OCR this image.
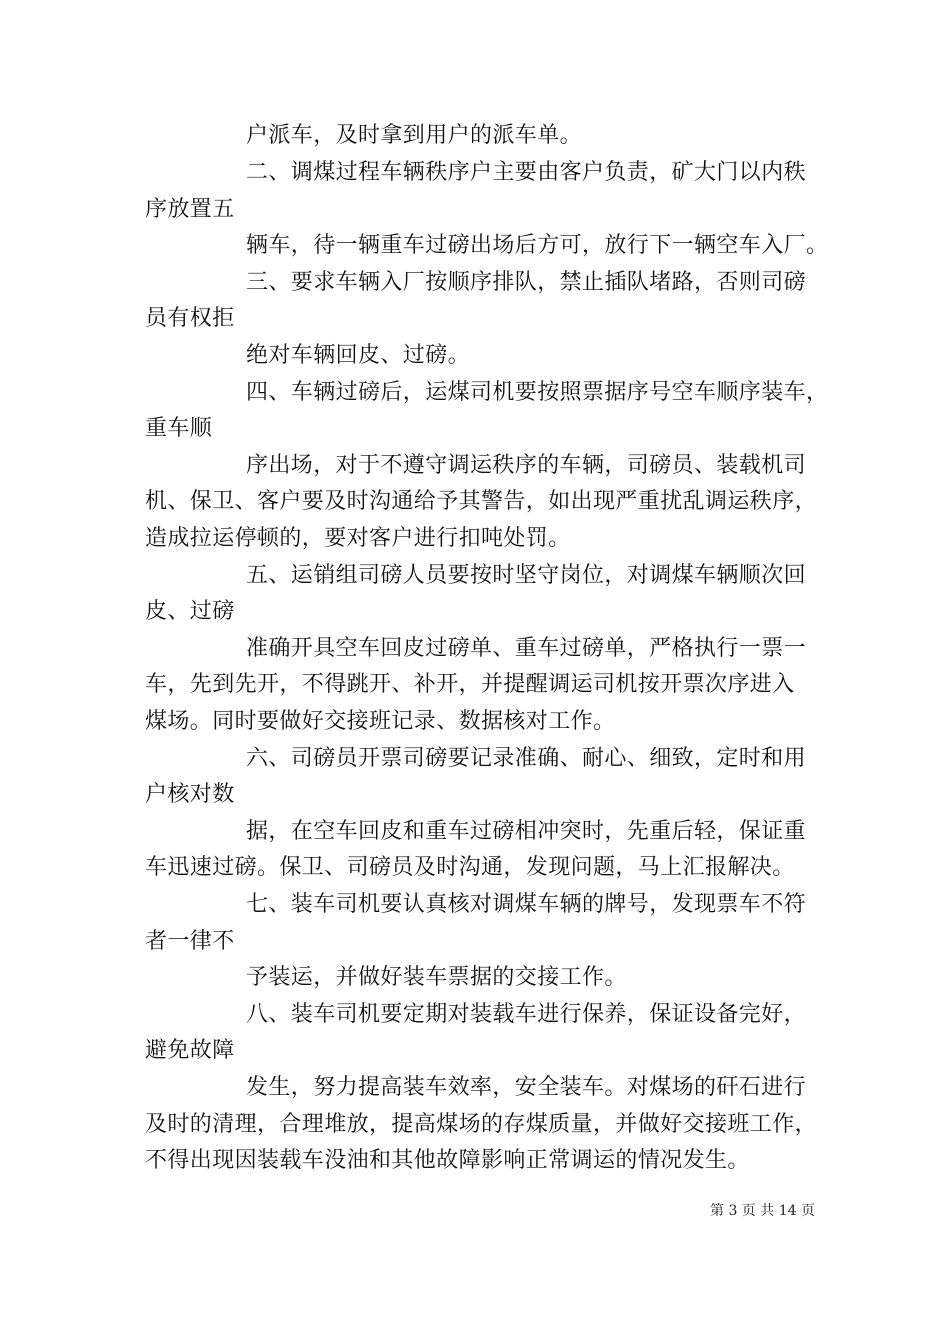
户派车，及时拿到用户的派车单。
二、调煤过程车辆秩序户主要由客户负责，矿大门以内秩
序放置五
辆车，待一辆重车过磅出场后方可，放行下一辆空车入厂。
三、要求车辆入厂按顺序排队，禁止插队堵路，否则司磅
员有权拒
绝对车辆回皮、过磅。
四、车辆过磅后，运煤司机要按照票据序号空车顺序装车，
重车顺
序出场，对于不遵守调运秩序的车辆，司磅员、装载机司
机、保卫、客户要及时沟通给予其警告，如出现严重扰乱调运秩序，
造成拉运停顿的，要对客户进行扣吨处罚。
五、运销组司磅人员要按时坚守岗位，对调煤车辆顺次回
皮、过磅
准确开具空车回皮过磅单、重车过磅单，严格执行一票一
车，先到先开，不得跳开、补开，并提醒调运司机按开票次序进入
煤场。同时要做好交接班记录、数据核对工作。
六、司磅员开票司磅要记录准确、耐心、细致，定时和用
户核对数
据，在空车回皮和重车过磅相冲突时，先重后轻，保证重
车迅速过磅。保卫、司磅员及时沟通，发现问题，马上汇报解决。
七、装车司机要认真核对调煤车辆的牌号，发现票车不符
者一律不
予装运，并做好装车票据的交接工作。
八、装车司机要定期对装载车进行保养，保证设备完好，
避免故障
发生，努力提高装车效率，安全装车。对煤场的矸石进行
及时的清理，合理堆放，提高煤场的存煤质量，并做好交接班工作，
不得出现因装载车没油和其他故障影响正常调运的情况发生。
第 3 页 共 14 页
